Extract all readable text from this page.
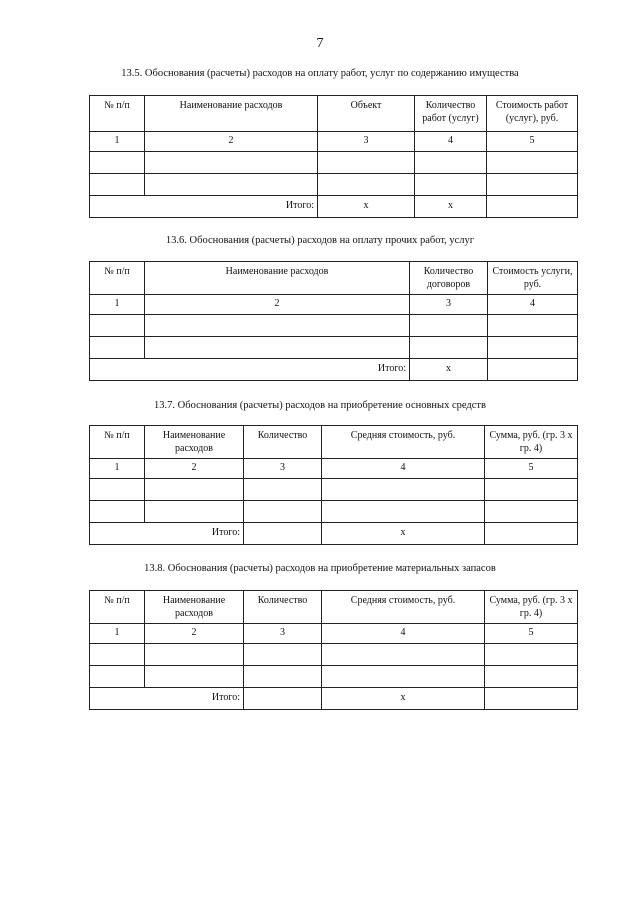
7
13.5. Обоснования (расчеты) расходов на оплату работ, услуг по содержанию имущества
№ п/п	Наименование расходов	Объект	Количество работ (услуг)	Стоимость работ (услуг), руб.
1	2	3	4	5

Итого:		х	х	
13.6. Обоснования (расчеты) расходов на оплату прочих работ, услуг
№ п/п	Наименование расходов	Количество договоров	Стоимость услуги, руб.
1	2	3	4

Итого:		х	
13.7. Обоснования (расчеты) расходов на приобретение основных средств
№ п/п	Наименование расходов	Количество	Средняя стоимость, руб.	Сумма, руб. (гр. 3 х гр. 4)
1	2	3	4	5

Итого:			х	
13.8. Обоснования (расчеты) расходов на приобретение материальных запасов
№ п/п	Наименование расходов	Количество	Средняя стоимость, руб.	Сумма, руб. (гр. 3 х гр. 4)
1	2	3	4	5

Итого:			х	
